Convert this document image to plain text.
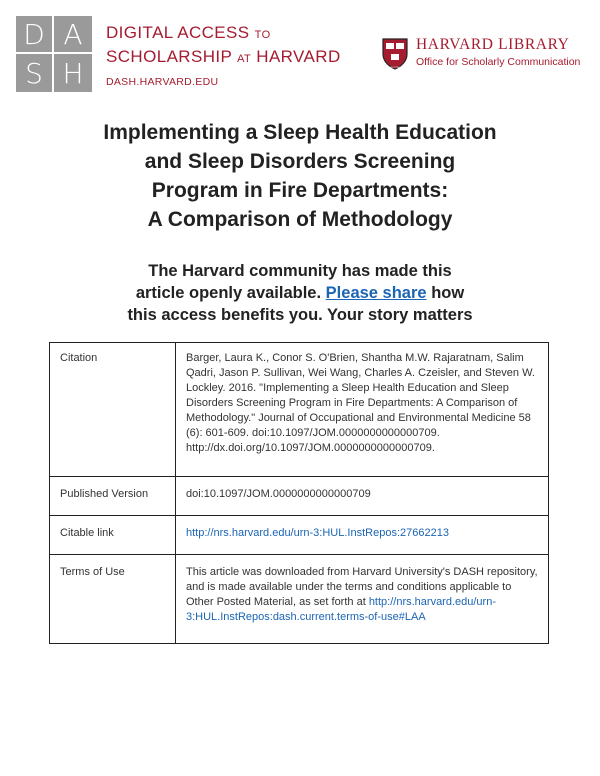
D A
S H
DIGITAL ACCESS TO
SCHOLARSHIP AT HARVARD
DASH.HARVARD.EDU
VE RI TAS
HARVARD LIBRARY
Office for Scholarly Communication
Implementing a Sleep Health Education
and Sleep Disorders Screening
Program in Fire Departments:
A Comparison of Methodology
The Harvard community has made this
article openly available. Please share how
this access benefits you. Your story matters
Citation	Barger, Laura K., Conor S. O'Brien, Shantha M.W. Rajaratnam, Salim Qadri, Jason P. Sullivan, Wei Wang, Charles A. Czeisler, and Steven W. Lockley. 2016. "Implementing a Sleep Health Education and Sleep Disorders Screening Program in Fire Departments: A Comparison of Methodology." Journal of Occupational and Environmental Medicine 58 (6): 601-609. doi:10.1097/JOM.0000000000000709. http://dx.doi.org/10.1097/JOM.0000000000000709.
Published Version	doi:10.1097/JOM.0000000000000709
Citable link	http://nrs.harvard.edu/urn-3:HUL.InstRepos:27662213
Terms of Use	This article was downloaded from Harvard University's DASH repository, and is made available under the terms and conditions applicable to Other Posted Material, as set forth at http://nrs.harvard.edu/urn-3:HUL.InstRepos:dash.current.terms-of-use#LAA
